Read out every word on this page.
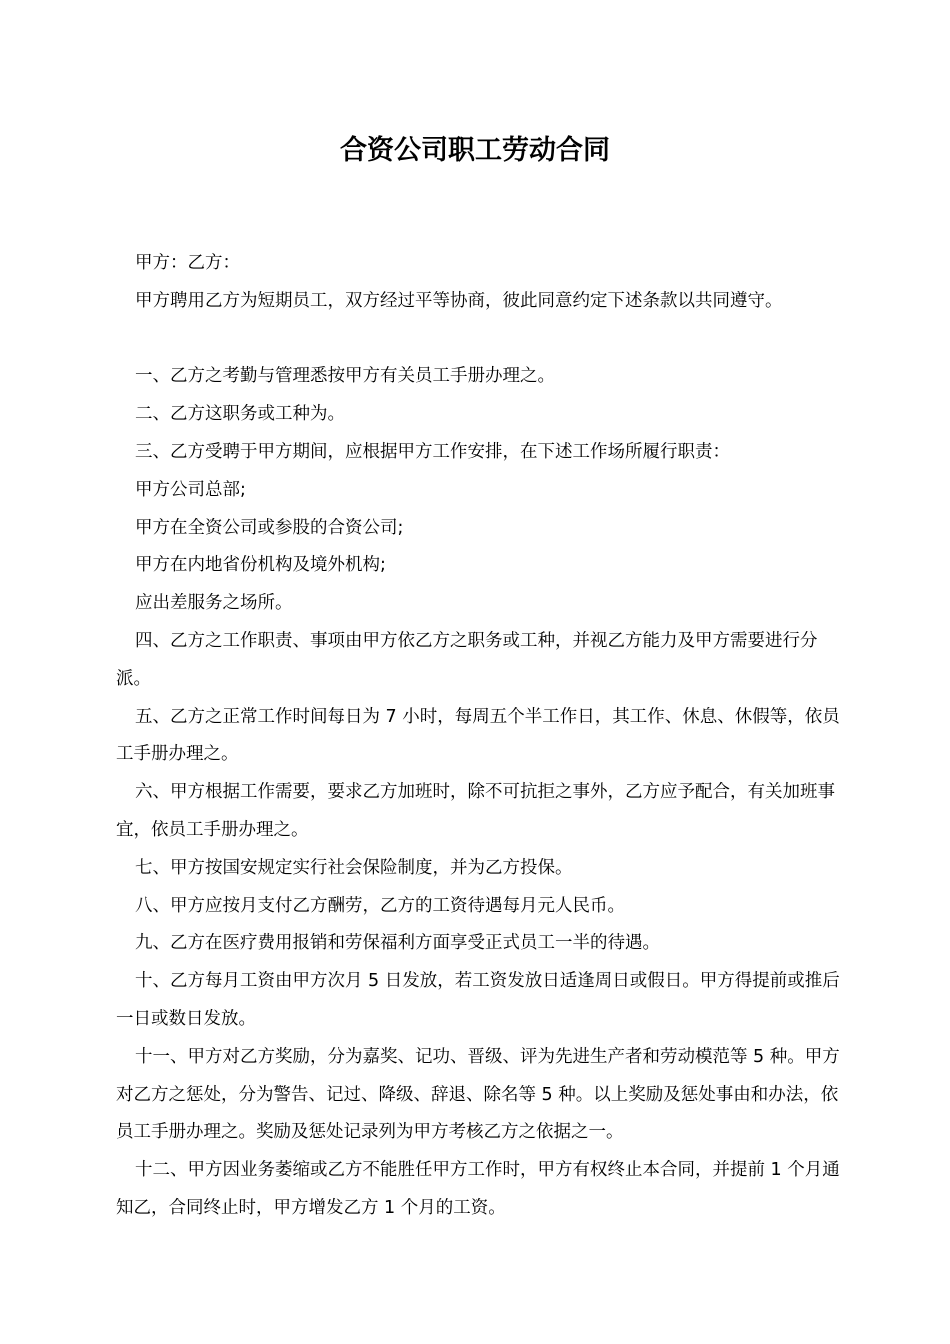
合资公司职工劳动合同

甲方：乙方：

甲方聘用乙方为短期员工，双方经过平等协商，彼此同意约定下述条款以共同遵守。

一、乙方之考勤与管理悉按甲方有关员工手册办理之。

二、乙方这职务或工种为。

三、乙方受聘于甲方期间，应根据甲方工作安排，在下述工作场所履行职责：

甲方公司总部;

甲方在全资公司或参股的合资公司;

甲方在内地省份机构及境外机构;

应出差服务之场所。

四、乙方之工作职责、事项由甲方依乙方之职务或工种，并视乙方能力及甲方需要进行分派。

五、乙方之正常工作时间每日为 7 小时，每周五个半工作日，其工作、休息、休假等，依员工手册办理之。

六、甲方根据工作需要，要求乙方加班时，除不可抗拒之事外，乙方应予配合，有关加班事宜，依员工手册办理之。

七、甲方按国安规定实行社会保险制度，并为乙方投保。

八、甲方应按月支付乙方酬劳，乙方的工资待遇每月元人民币。

九、乙方在医疗费用报销和劳保福利方面享受正式员工一半的待遇。

十、乙方每月工资由甲方次月 5 日发放，若工资发放日适逢周日或假日。甲方得提前或推后一日或数日发放。

十一、甲方对乙方奖励，分为嘉奖、记功、晋级、评为先进生产者和劳动模范等 5 种。甲方对乙方之惩处，分为警告、记过、降级、辞退、除名等 5 种。以上奖励及惩处事由和办法，依员工手册办理之。奖励及惩处记录列为甲方考核乙方之依据之一。

十二、甲方因业务萎缩或乙方不能胜任甲方工作时，甲方有权终止本合同，并提前 1 个月通知乙，合同终止时，甲方增发乙方 1 个月的工资。
